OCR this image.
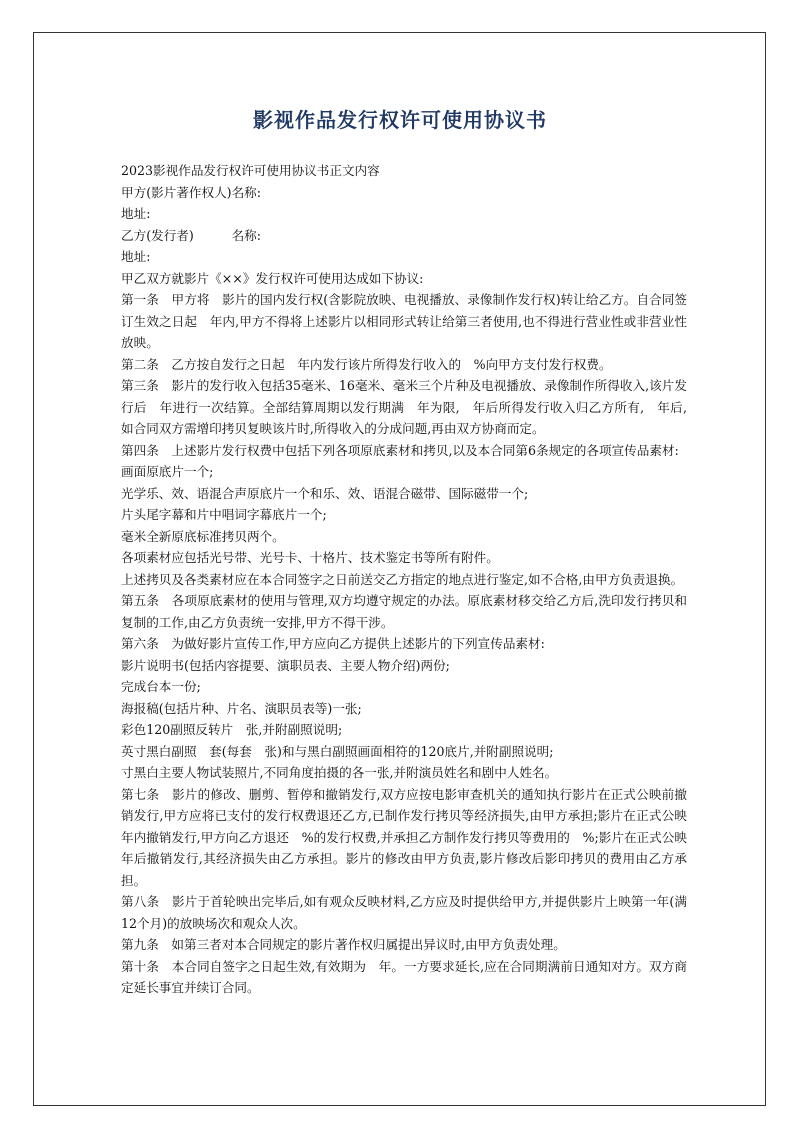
影视作品发行权许可使用协议书

2023影视作品发行权许可使用协议书正文内容

甲方(影片著作权人)名称:

地址:

乙方(发行者)　　　名称:

地址:

甲乙双方就影片《××》发行权许可使用达成如下协议:

第一条　甲方将　影片的国内发行权(含影院放映、电视播放、录像制作发行权)转让给乙方。自合同签订生效之日起　年内,甲方不得将上述影片以相同形式转让给第三者使用,也不得进行营业性或非营业性放映。

第二条　乙方按自发行之日起　年内发行该片所得发行收入的　%向甲方支付发行权费。

第三条　影片的发行收入包括35毫米、16毫米、毫米三个片种及电视播放、录像制作所得收入,该片发行后　年进行一次结算。全部结算周期以发行期满　年为限,　年后所得发行收入归乙方所有,　年后,如合同双方需增印拷贝复映该片时,所得收入的分成问题,再由双方协商而定。

第四条　上述影片发行权费中包括下列各项原底素材和拷贝,以及本合同第6条规定的各项宣传品素材:

画面原底片一个;

光学乐、效、语混合声原底片一个和乐、效、语混合磁带、国际磁带一个;

片头尾字幕和片中唱词字幕底片一个;

毫米全新原底标准拷贝两个。

各项素材应包括光号带、光号卡、十格片、技术鉴定书等所有附件。

上述拷贝及各类素材应在本合同签字之日前送交乙方指定的地点进行鉴定,如不合格,由甲方负责退换。

第五条　各项原底素材的使用与管理,双方均遵守规定的办法。原底素材移交给乙方后,洗印发行拷贝和复制的工作,由乙方负责统一安排,甲方不得干涉。

第六条　为做好影片宣传工作,甲方应向乙方提供上述影片的下列宣传品素材:

影片说明书(包括内容提要、演职员表、主要人物介绍)两份;

完成台本一份;

海报稿(包括片种、片名、演职员表等)一张;

彩色120副照反转片　张,并附副照说明;

英寸黑白副照　套(每套　张)和与黑白副照画面相符的120底片,并附副照说明;

寸黑白主要人物试装照片,不同角度拍摄的各一张,并附演员姓名和剧中人姓名。

第七条　影片的修改、删剪、暂停和撤销发行,双方应按电影审查机关的通知执行影片在正式公映前撤销发行,甲方应将已支付的发行权费退还乙方,已制作发行拷贝等经济损失,由甲方承担;影片在正式公映　年内撤销发行,甲方向乙方退还　%的发行权费,并承担乙方制作发行拷贝等费用的　%;影片在正式公映　年后撤销发行,其经济损失由乙方承担。影片的修改由甲方负责,影片修改后影印拷贝的费用由乙方承担。

第八条　影片于首轮映出完毕后,如有观众反映材料,乙方应及时提供给甲方,并提供影片上映第一年(满12个月)的放映场次和观众人次。

第九条　如第三者对本合同规定的影片著作权归属提出异议时,由甲方负责处理。

第十条　本合同自签字之日起生效,有效期为　年。一方要求延长,应在合同期满前日通知对方。双方商定延长事宜并续订合同。
